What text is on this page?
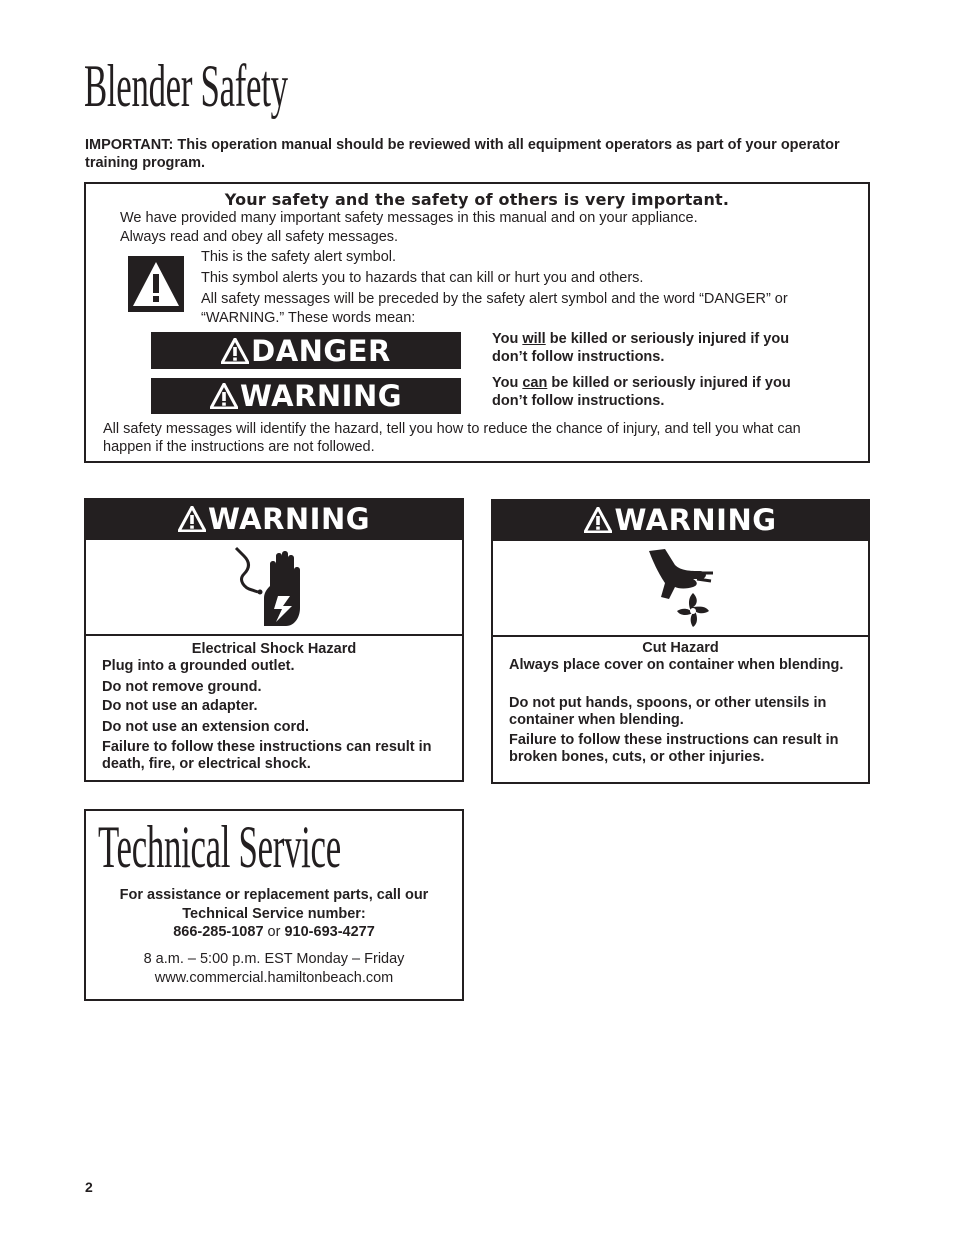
Blender Safety
IMPORTANT: This operation manual should be reviewed with all equipment operators as part of your operator training program.
Your safety and the safety of others is very important.
We have provided many important safety messages in this manual and on your appliance.
Always read and obey all safety messages.
This is the safety alert symbol.
This symbol alerts you to hazards that can kill or hurt you and others.
All safety messages will be preceded by the safety alert symbol and the word “DANGER” or “WARNING.” These words mean:
DANGER
WARNING
You will be killed or seriously injured if you don’t follow instructions.
You can be killed or seriously injured if you don’t follow instructions.
All safety messages will identify the hazard, tell you how to reduce the chance of injury, and tell you what can happen if the instructions are not followed.
WARNING
Electrical Shock Hazard
Plug into a grounded outlet.
Do not remove ground.
Do not use an adapter.
Do not use an extension cord.
Failure to follow these instructions can result in death, fire, or electrical shock.
WARNING
Cut Hazard
Always place cover on container when blending.
Do not put hands, spoons, or other utensils in container when blending.
Failure to follow these instructions can result in broken bones, cuts, or other injuries.
Technical Service
For assistance or replacement parts, call our
Technical Service number:
866-285-1087 or 910-693-4277
8 a.m. – 5:00 p.m. EST Monday – Friday
www.commercial.hamiltonbeach.com
2
